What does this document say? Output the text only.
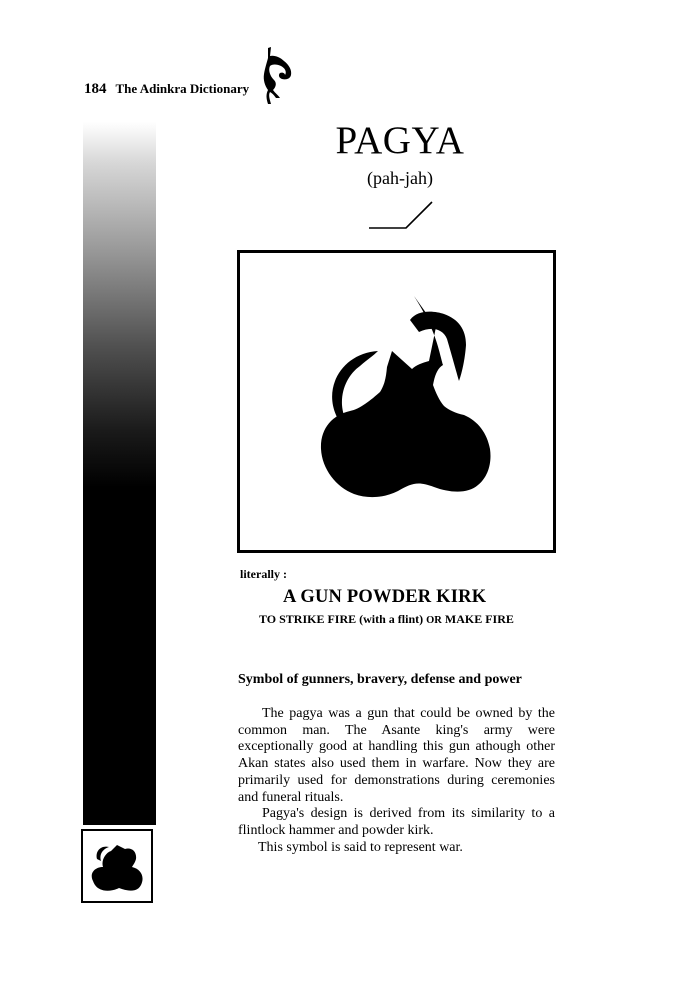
184 The Adinkra Dictionary
PAGYA
(pah-jah)
literally :
A GUN POWDER KIRK
TO STRIKE FIRE (with a flint) OR MAKE FIRE
Symbol of gunners, bravery, defense and power

The pagya was a gun that could be owned by the common man. The Asante king's army were exceptionally good at handling this gun athough other Akan states also used them in warfare. Now they are primarily used for demonstrations during ceremonies and funeral rituals.

Pagya's design is derived from its similarity to a flintlock hammer and powder kirk.

This symbol is said to represent war.
